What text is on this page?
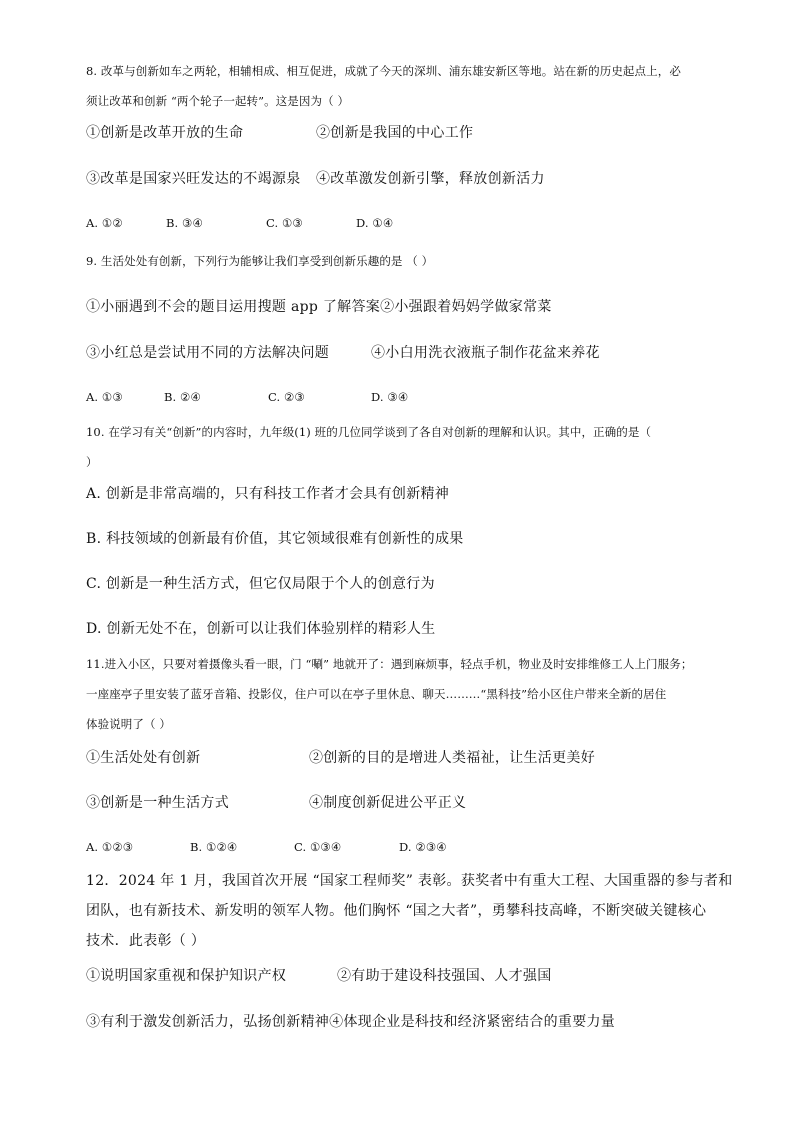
8. 改革与创新如车之两轮，相辅相成、相互促进，成就了今天的深圳、浦东雄安新区等地。站在新的历史起点上，必
须让改革和创新 “两个轮子一起转”。这是因为（ ）
①创新是改革开放的生命	②创新是我国的中心工作
③改革是国家兴旺发达的不竭源泉 ④改革激发创新引擎，释放创新活力
A. ①②	B. ③④	C. ①③	D. ①④
9. 生活处处有创新，下列行为能够让我们享受到创新乐趣的是 （ ）
①小丽遇到不会的题目运用搜题 app 了解答案②小强跟着妈妈学做家常菜
③小红总是尝试用不同的方法解决问题	④小白用洗衣液瓶子制作花盆来养花
A. ①③	B. ②④	C. ②③	D. ③④
10. 在学习有关“创新”的内容时，九年级(1) 班的几位同学谈到了各自对创新的理解和认识。其中，正确的是（
）
A. 创新是非常高端的，只有科技工作者才会具有创新精神
B. 科技领域的创新最有价值，其它领域很难有创新性的成果
C. 创新是一种生活方式，但它仅局限于个人的创意行为
D. 创新无处不在，创新可以让我们体验别样的精彩人生
11.进入小区，只要对着摄像头看一眼，门 “唰” 地就开了：遇到麻烦事，轻点手机，物业及时安排维修工人上门服务；
一座座亭子里安装了蓝牙音箱、投影仪，住户可以在亭子里休息、聊天………“黑科技”给小区住户带来全新的居住
体验说明了（ ）
①生活处处有创新	②创新的目的是增进人类福祉，让生活更美好
③创新是一种生活方式	④制度创新促进公平正义
A. ①②③	B. ①②④	C. ①③④	D. ②③④
12．2024 年 1 月，我国首次开展 “国家工程师奖” 表彰。获奖者中有重大工程、大国重器的参与者和
团队，也有新技术、新发明的领军人物。他们胸怀 “国之大者”，勇攀科技高峰，不断突破关键核心
技术．此表彰（ ）
①说明国家重视和保护知识产权	②有助于建设科技强国、人才强国
③有利于激发创新活力，弘扬创新精神④体现企业是科技和经济紧密结合的重要力量
